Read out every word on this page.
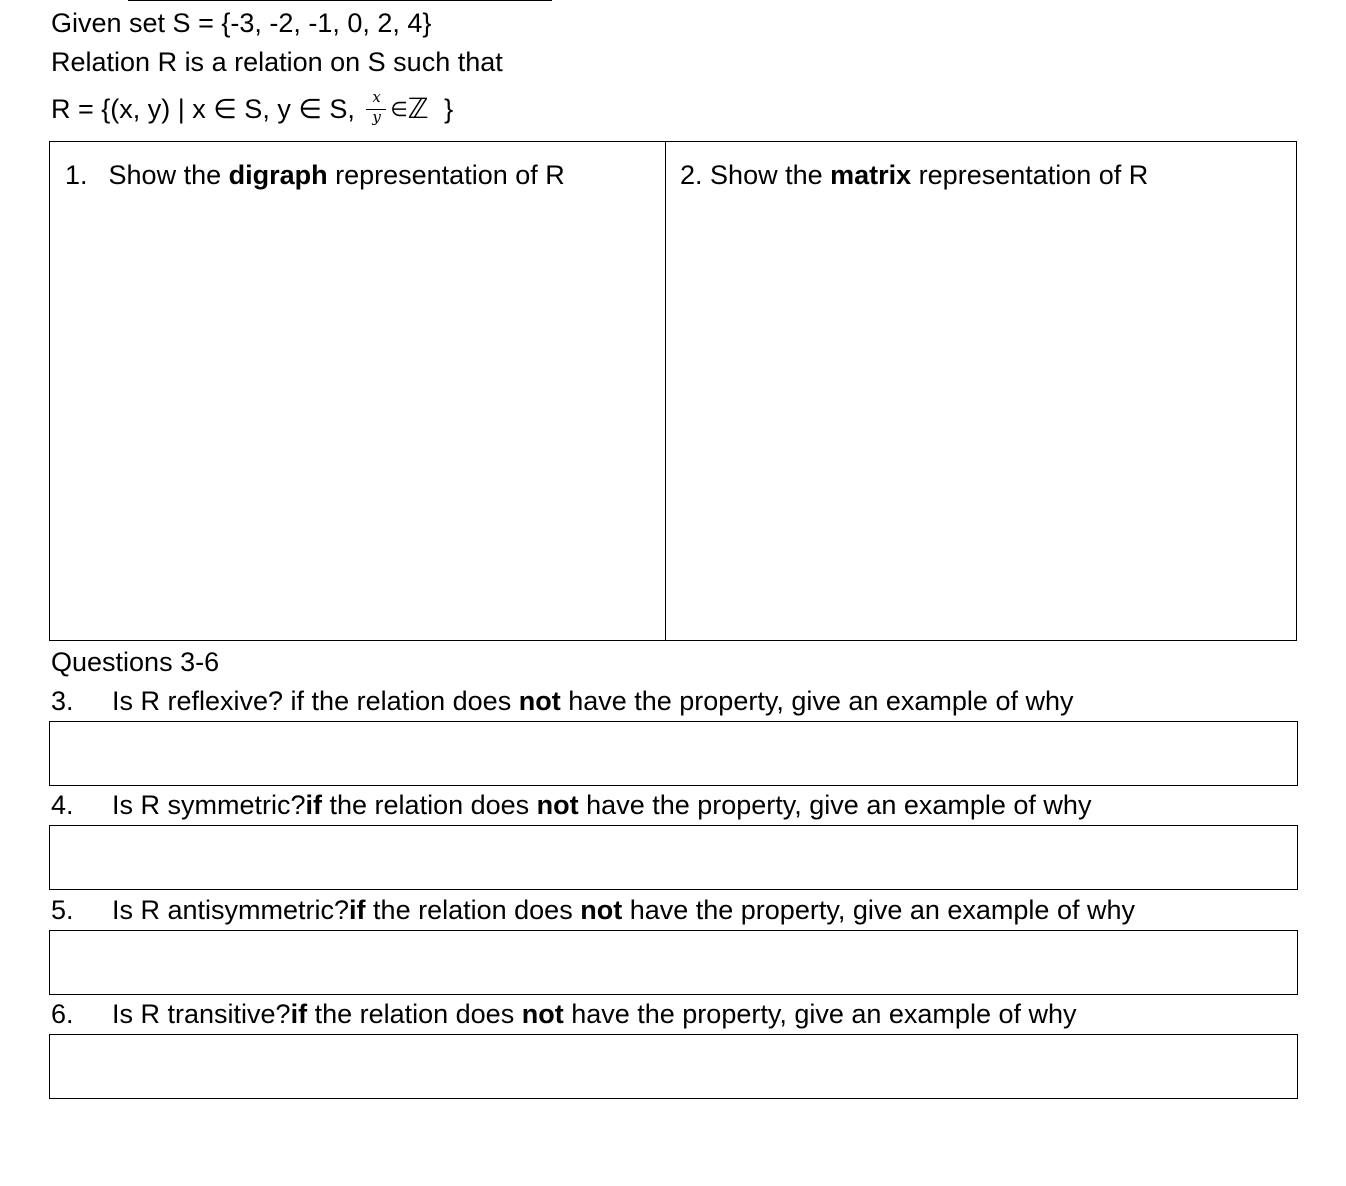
Given set S = {-3, -2, -1, 0, 2, 4}
Relation R is a relation on S such that
R = {(x, y) | x ∈ S, y ∈ S, $\frac{x}{y}$ ∈ℤ }
1. Show the digraph representation of R	2. Show the matrix representation of R
Questions 3-6
3. Is R reflexive? if the relation does not have the property, give an example of why
4. Is R symmetric?if the relation does not have the property, give an example of why
5. Is R antisymmetric?if the relation does not have the property, give an example of why
6. Is R transitive?if the relation does not have the property, give an example of why
